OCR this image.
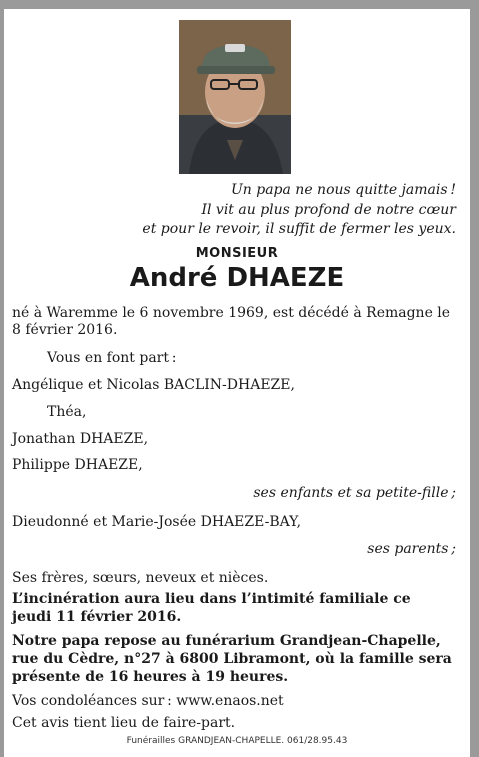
Un papa ne nous quitte jamais !
Il vit au plus profond de notre cœur
et pour le revoir, il suffit de fermer les yeux.
MONSIEUR
André DHAEZE
né à Waremme le 6 novembre 1969, est décédé à Remagne le
8 février 2016.
Vous en font part :
Angélique et Nicolas BACLIN-DHAEZE,
Théa,
Jonathan DHAEZE,
Philippe DHAEZE,
ses enfants et sa petite-fille ;
Dieudonné et Marie-Josée DHAEZE-BAY,
ses parents ;
Ses frères, sœurs, neveux et nièces.
L’incinération aura lieu dans l’intimité familiale ce
jeudi 11 février 2016.
Notre papa repose au funérarium Grandjean-Chapelle,
rue du Cèdre, n°27 à 6800 Libramont, où la famille sera
présente de 16 heures à 19 heures.
Vos condoléances sur : www.enaos.net
Cet avis tient lieu de faire-part.
Funérailles GRANDJEAN-CHAPELLE. 061/28.95.43
